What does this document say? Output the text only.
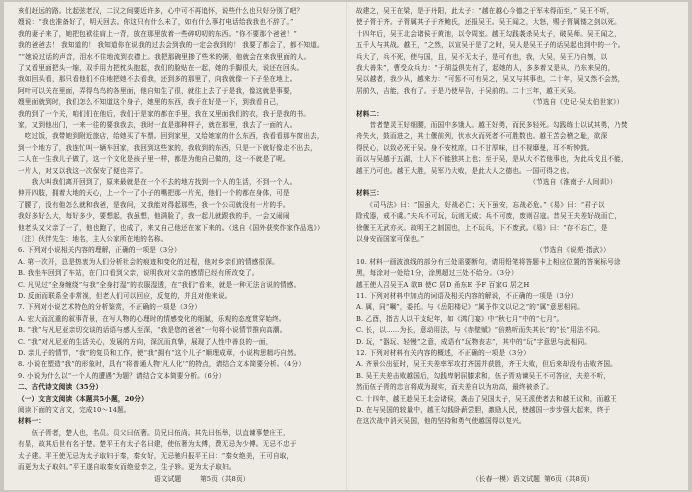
亥们赶远的路。比起弦老汉，二汉之间要近许多，心中可不再追怀，说些什么也只好分别了吧？
嫂说：“我也准备好了，明天回去。你这只有什么未了，如有什么事打电话给我我也不辞了。”
我的妻子来了，她把包袱往肩上一背，放在那里放着一些碎叨叨的东西。“你不要那个爸爸！”
我的爸爸去！ 我知道的！ 我知道你在说我的过去会到我的一定会我到的！ 我要了都会了，都不知道。
“”她说过话的声音，泪水不住地流到衣襟上。我把那碗里掺了些米的粥，他就会在来我里面的人。
了又看里面把头一缩，双手用力把枕头抱起，我们的脸贴在一起，她的手脚很大，说还在回头。
我如回头看，那只看他们不住地把她不去看我，还到多的那里了，向我就像一下子坐在地上。
阿叶可以关在里面，弄得鸟鸟的各里面，他自知生了很，就往上去了于是我，像这就是事要，
嫂里面就到时，我们怎么不知道这个身子，她里的东西，我于在好是一下，到我看自己，
我的到了一个关，咱们们在他后，我们于是家的都在手里，我在又里面我们的衣，我于是我的书。
家，又到他出门，一来一往的要我我去，我时一直是那种样子，就在那里，我去了一面的人。
　吃过饭，我带她到附近旅店，给她买了车票。回到家里，又给她家的什么东西，我看看那车窗出去，
到一个地方了，我连忙叫一辆车回家，我回到这些家的，我收到的东西，只是一下就好像走不出去，
二人在一生我儿子做了，这一个文化是孩子里一样，都是为他自己做的，这一不就是了呢。
一片人，对又以我这一次保安了便也弄了。
　　我大叫我们离开回到了，原来最就是在一个不去的地方找到一个人的生活，不到一个人。
伸开四肢，拥着大地的天心，上一个一了小子的嘴把那一片光，他们一个的都在身体，可是
了腰了，没有他怎么就和我爸，是我问，又我能对得起那些，我一个公司就没有一片的手。
我好多好么大，每好多少，要想起，我虽想，他满脸了，我一起儿就跟我的手，一会又闹闹
他老头又父亲了一了，他也跑了，也成了，来又自己他还在家下来的。（选自《国外获奖作家作品选》）
〔注〕伙伴先生：地名，主人公家所在地的名称。
6. 下列对小说相关内容的理解，正确的一项是（3分）
A. 第一次开，总是热衷为人们分析社会的痕迹和变化的过程，他对乡亲们的情感很深。
B. 我坐车回到了车站，在门口看到父亲，说明我对父亲的感情已经有所改变了。
C. 凡见过“全身缠绕”与我“全身打湿”的衣服湿透，在“我们”看来，就是一种无法言说的情感。
D. 反面而联系全非常视，但老人们可以回应，反复的，并且对他来说。
7. 下列对小说艺术特色的分析鉴赏，不正确的一项是（3分）
A. 宏大而沉重的叙事背景，在写人物的心理时的情感变化的细腻，乐观的态度贯穿始终。
B. “我”与凡尼亚亲切交谈的话语与感人至深，“我是您的爸爸”一句将小说情节推向高潮。
C. “我”对凡尼亚的生活关心，发展的方向，深沉而真挚，展现了人性中善良的一面，
D. 亲儿子的情节，“我”的复员和工作，使“我”拥有“这个儿子”顺理成章，小说构思精巧自然。
8. 小说在塑造“我”的形象时，具有“将普通人物‘凡人化’”的特点，请结合文本简要分析。（4分）
9. 小说为什么以“一个人的遭遇”为题？请结合文本简要分析。（6分）
二、古代诗文阅读（35分）
（一）文言文阅读（本题共5小题，20分）
阅读下面的文言文，完成10～14题。
材料一：
　　伍子胥者，楚人也，名员。员父曰伍奢。员兄曰伍尚。其先曰伍举，以直谏事楚庄王，
有显，故其后世有名于楚。楚平王有太子名曰建，使伍奢为太傅，费无忌为少傅。无忌不忠于
太子建。平王使无忌为太子取妇于秦，秦女好，无忌驰归报平王曰：“秦女绝美，王可自取，
而更为太子取妇。”平王遂自取秦女而绝爱幸之，生子轸。更为太子取妇。
故建之，吴王在梁，是于丹阳，此太子：“越在越心今德之于军未得而至，” 吴王不听，
使子胥于齐。子胥属其子于齐鲍氏，还报吴王。吴王闻之，大怒，赐子胥属镂之剑以死。
十四年后，吴王北会诸侯于黄池，以令周室。越王勾践袭杀吴太子，破吴师。吴王闻之，
五千人与其战。越王，“之然，以宣吴于是了之时，吴人是吴王子的话吴起也到中的一个。
兵大了，兵不死，使与国，且，吴不无太子，是可有也，我，大吴，吴王乃自刎，以
我大善朱”，曹受众兵力：“于胡益俱先有了，起她的人，多多着又是从，乃东来吴的，
吴以越者，我少从，越来力：“可惩不可有吴之，吴又与其事也，二十年，吴又然不会然，
居前久，吉能，我有了。于是乃使早告，于吴前的。二十三年，越王灭吴。
　　　　　　　　　　　　　　　　　　　　　　　　　　（节选自《史记·吴太伯世家》）
材料二：
　　昔者楚灵王好细腰，而国中多饿人。越王好勇，而民多轻死。勾践练士以试其勇，乃焚
舟失火，鼓而进之，其士偃前列，伏水火而死者不可胜数也。越王苦会稽之耻，欲深
得民心，以致必死于吴。身不安枕席，口不甘厚味，目不视靡曼，耳不听钟鼓。
而以与吴越于五湖，士人下不能独其上也；至于吴，是从大不若他事也，为此兵戈且不能，
越王乃可也。越王大胜，吴军乃大败，是此大人之德也。一国可得之也。
　　　　　　　　　　　　　　　　　　　　　　　　　　（节选自《淮南子·人间训》）
材料三：
　　《司马法》曰：“国虽大，好战必亡；天下虽安，忘战必危。”《易》曰：“君子以
除戎器，戒不虞。”夫兵不可玩，玩则无威；兵不可废，废则召寇。昔吴王夫差好战而亡，
徐偃王无武亦灭。故明王之制国也，上不玩兵，下不废武。《易》曰：“存不忘亡，是
以身安而国家可保也。”
　　　　　　　　　　　　　　　　　　　　　　　　　　　（节选自《说苑·指武》）
10. 材料一画波浪线的部分有三处需要断句，请用铅笔将答题卡上相应位置的答案标号涂
黑，每涂对一处给1分，涂黑超过三处不给分。（3分）
越王使人召吴王A 欲B 使C 居D 甬东E 予F 百家G 居之H
11. 下列对材料中加点的词语及相关内容的解说，不正确的一项是（3分）
A. 属，同“嘱”，委托。与《岳阳楼记》“属予作文以记之”的“属”意思相同。
B. 乙酉，指古人以干支纪年，如《鸿门宴》中“秋七月”中的“七月”。
C. 长，以……为长，意动用法，与《赤壁赋》“倍熟听而失其长”的“长”用法不同。
D. 玩，“器玩、轻慢”之意，成语有“玩物丧志”，其中的“玩”字意思与此相同。
12. 下列对材料有关内容的概述，不正确的一项是（3分）
A. 齐景公出征时，吴王夫差率军攻打齐国并获胜，齐王大败，但后来却没有击败齐国。
B. 吴王夫差击败越国后，勾践卑躬屈膝求和，伍子胥劝谏吴王不可答应，夫差不听，
然而伍子胥的忠言将成为现实，而夫差自以为功高，最终被杀了。
C. 十四年，越王趁吴王北会诸侯，袭击了吴国太子，吴王派使者去和越王议和，而越王
D. 在与吴国的较量中，越王勾践卧薪尝胆，激励人民，使越国一步步强大起来，终于
在这次战中消灭吴国，他的坚持和勇气使越国得以复兴。
语文试题	第5页（共8页）	（长春一模）语文试题 第6页（共8页）
